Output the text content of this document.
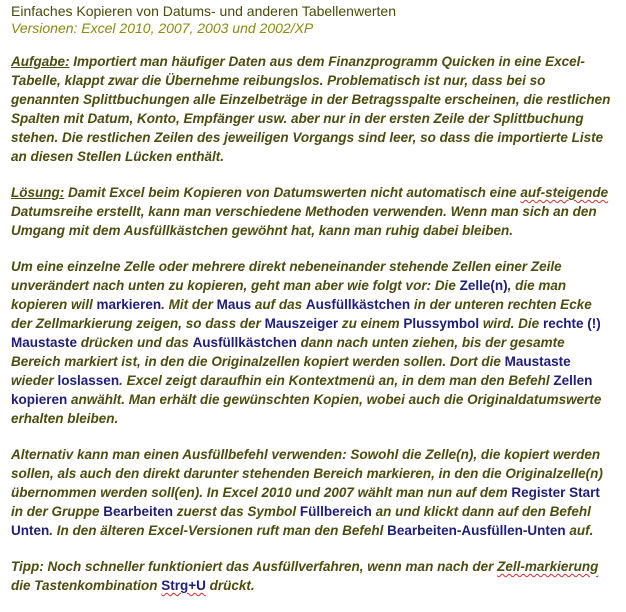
Einfaches Kopieren von Datums- und anderen Tabellenwerten
Versionen: Excel 2010, 2007, 2003 und 2002/XP

Aufgabe: Importiert man häufiger Daten aus dem Finanzprogramm Quicken in eine Excel-Tabelle, klappt zwar die Übernehme reibungslos. Problematisch ist nur, dass bei so genannten Splittbuchungen alle Einzelbeträge in der Betragsspalte erscheinen, die restlichen Spalten mit Datum, Konto, Empfänger usw. aber nur in der ersten Zeile der Splittbuchung stehen. Die restlichen Zeilen des jeweiligen Vorgangs sind leer, so dass die importierte Liste an diesen Stellen Lücken enthält.

Lösung: Damit Excel beim Kopieren von Datumswerten nicht automatisch eine auf-steigende Datumsreihe erstellt, kann man verschiedene Methoden verwenden. Wenn man sich an den Umgang mit dem Ausfüllkästchen gewöhnt hat, kann man ruhig dabei bleiben.

Um eine einzelne Zelle oder mehrere direkt nebeneinander stehende Zellen einer Zeile unverändert nach unten zu kopieren, geht man aber wie folgt vor: Die Zelle(n), die man kopieren will markieren. Mit der Maus auf das Ausfüllkästchen in der unteren rechten Ecke der Zellmarkierung zeigen, so dass der Mauszeiger zu einem Plussymbol wird. Die rechte (!) Maustaste drücken und das Ausfüllkästchen dann nach unten ziehen, bis der gesamte Bereich markiert ist, in den die Originalzellen kopiert werden sollen. Dort die Maustaste wieder loslassen. Excel zeigt daraufhin ein Kontextmenü an, in dem man den Befehl Zellen kopieren anwählt. Man erhält die gewünschten Kopien, wobei auch die Originaldatumswerte erhalten bleiben.

Alternativ kann man einen Ausfüllbefehl verwenden: Sowohl die Zelle(n), die kopiert werden sollen, als auch den direkt darunter stehenden Bereich markieren, in den die Originalzelle(n) übernommen werden soll(en). In Excel 2010 und 2007 wählt man nun auf dem Register Start in der Gruppe Bearbeiten zuerst das Symbol Füllbereich an und klickt dann auf den Befehl Unten. In den älteren Excel-Versionen ruft man den Befehl Bearbeiten-Ausfüllen-Unten auf.

Tipp: Noch schneller funktioniert das Ausfüllverfahren, wenn man nach der Zell-markierung die Tastenkombination Strg+U drückt.
